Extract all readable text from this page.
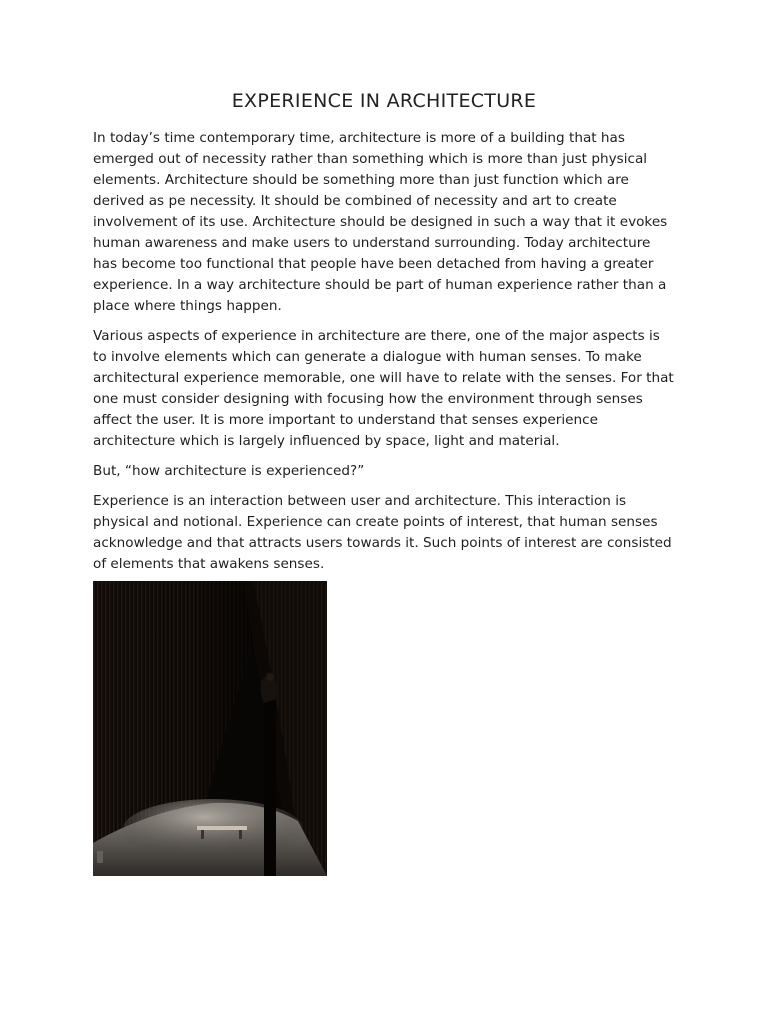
EXPERIENCE IN ARCHITECTURE

In today’s time contemporary time, architecture is more of a building that has emerged out of necessity rather than something which is more than just physical elements. Architecture should be something more than just function which are derived as pe necessity. It should be combined of necessity and art to create involvement of its use. Architecture should be designed in such a way that it evokes human awareness and make users to understand surrounding. Today architecture has become too functional that people have been detached from having a greater experience. In a way architecture should be part of human experience rather than a place where things happen.

Various aspects of experience in architecture are there, one of the major aspects is to involve elements which can generate a dialogue with human senses. To make architectural experience memorable, one will have to relate with the senses. For that one must consider designing with focusing how the environment through senses affect the user. It is more important to understand that senses experience architecture which is largely influenced by space, light and material.

But, “how architecture is experienced?”

Experience is an interaction between user and architecture. This interaction is physical and notional. Experience can create points of interest, that human senses acknowledge and that attracts users towards it. Such points of interest are consisted of elements that awakens senses.
